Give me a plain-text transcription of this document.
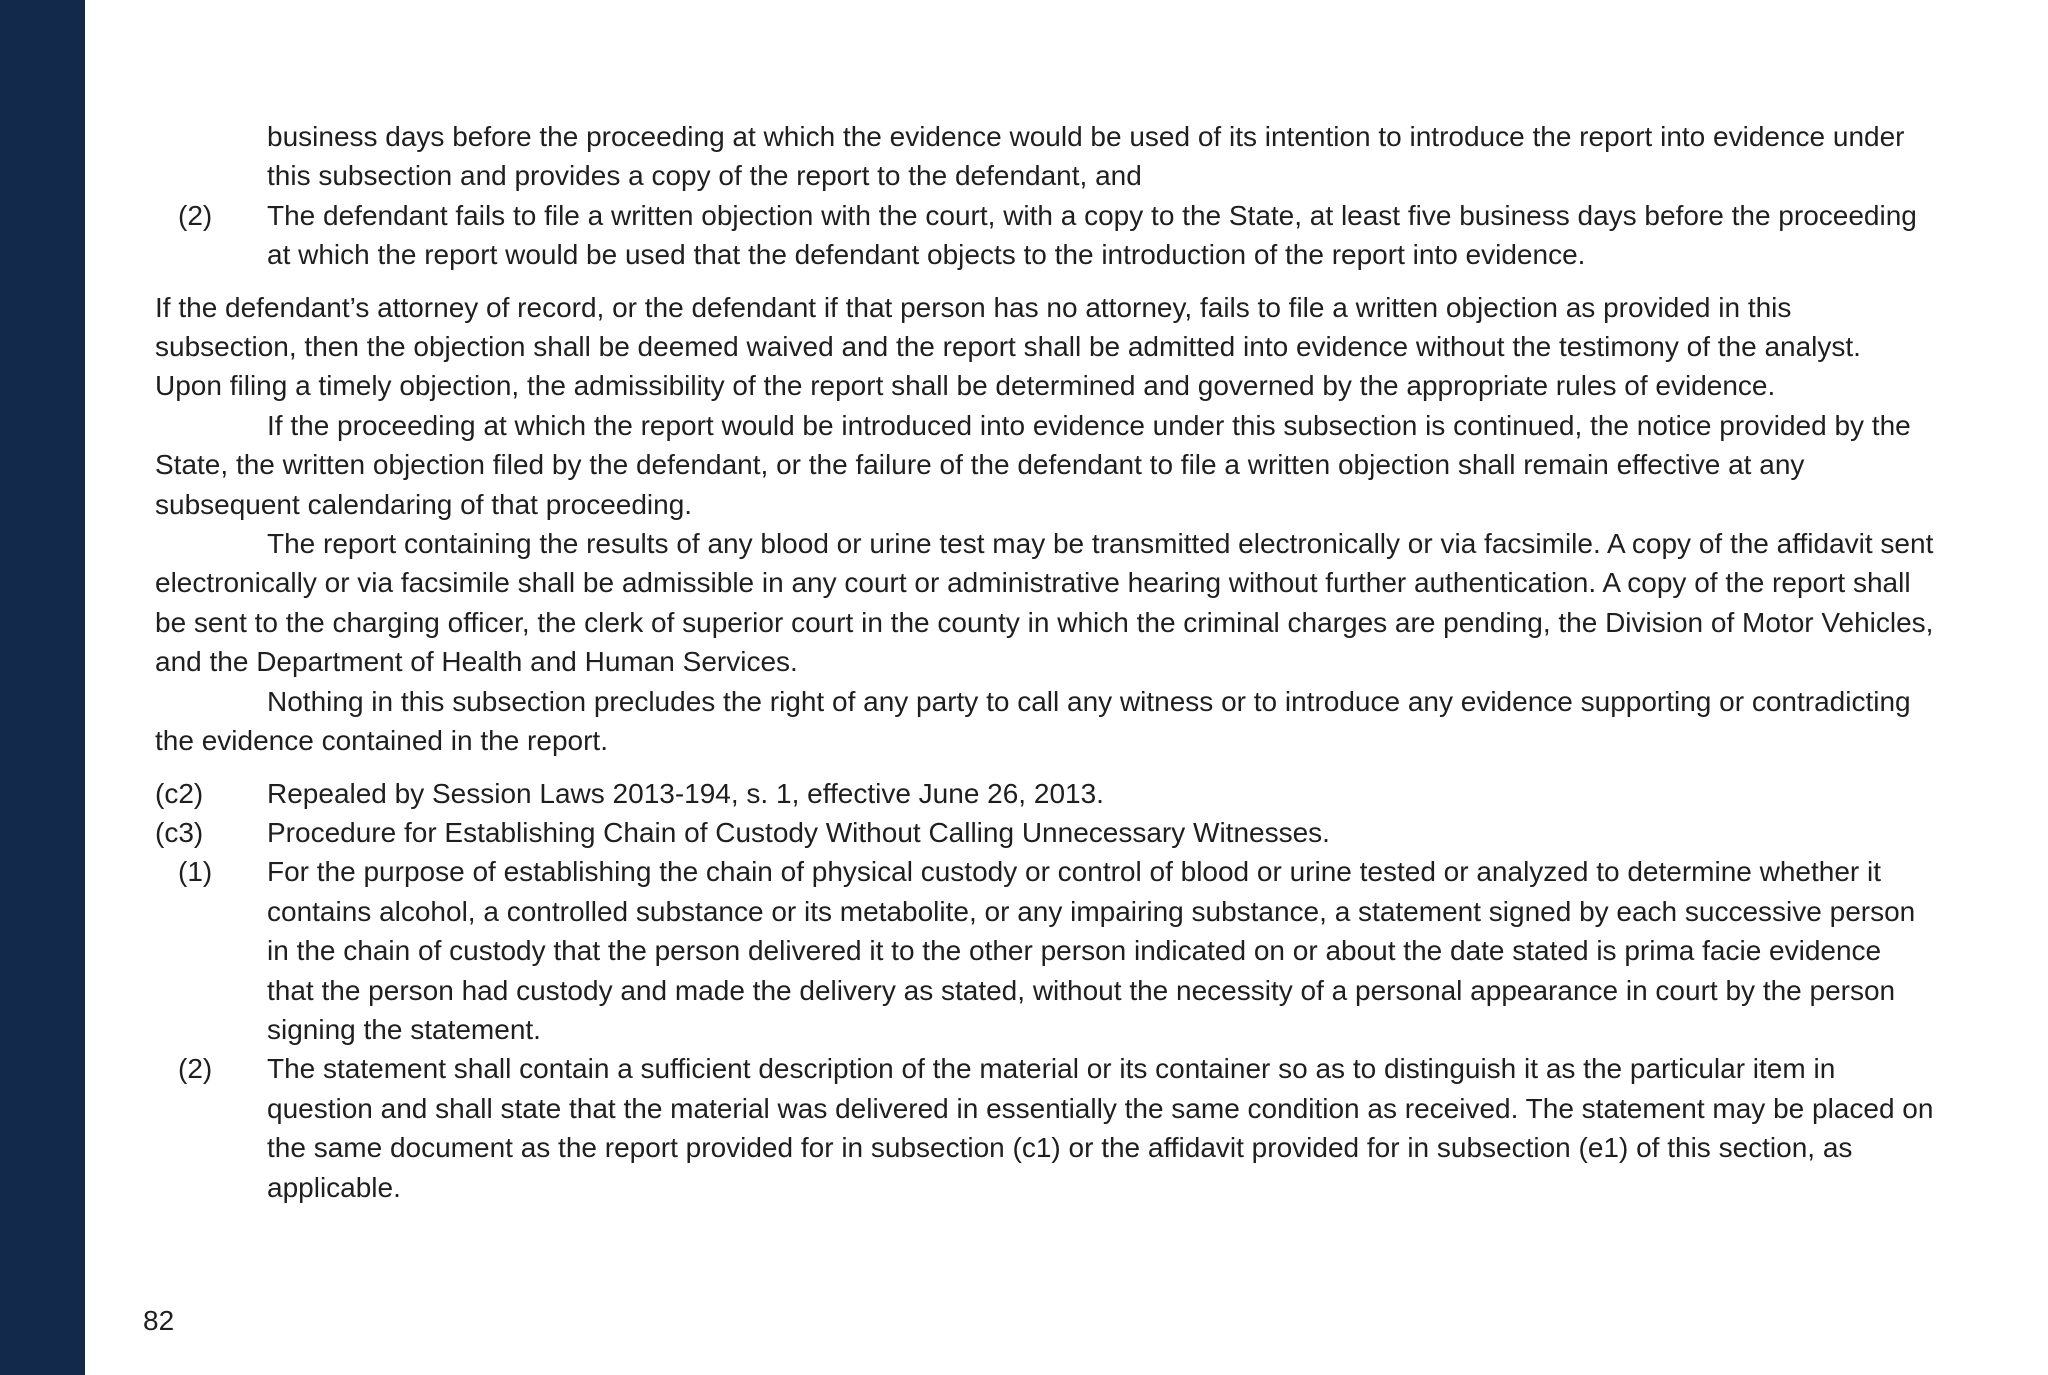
business days before the proceeding at which the evidence would be used of its intention to introduce the report into evidence under this subsection and provides a copy of the report to the defendant, and
(2)	The defendant fails to file a written objection with the court, with a copy to the State, at least five business days before the proceeding at which the report would be used that the defendant objects to the introduction of the report into evidence.

If the defendant’s attorney of record, or the defendant if that person has no attorney, fails to file a written objection as provided in this subsection, then the objection shall be deemed waived and the report shall be admitted into evidence without the testimony of the analyst. Upon filing a timely objection, the admissibility of the report shall be determined and governed by the appropriate rules of evidence.

If the proceeding at which the report would be introduced into evidence under this subsection is continued, the notice provided by the State, the written objection filed by the defendant, or the failure of the defendant to file a written objection shall remain effective at any subsequent calendaring of that proceeding.

The report containing the results of any blood or urine test may be transmitted electronically or via facsimile. A copy of the affidavit sent electronically or via facsimile shall be admissible in any court or administrative hearing without further authentication. A copy of the report shall be sent to the charging officer, the clerk of superior court in the county in which the criminal charges are pending, the Division of Motor Vehicles, and the Department of Health and Human Services.

Nothing in this subsection precludes the right of any party to call any witness or to introduce any evidence supporting or contradicting the evidence contained in the report.

(c2)	Repealed by Session Laws 2013-194, s. 1, effective June 26, 2013.
(c3)	Procedure for Establishing Chain of Custody Without Calling Unnecessary Witnesses.
(1)	For the purpose of establishing the chain of physical custody or control of blood or urine tested or analyzed to determine whether it contains alcohol, a controlled substance or its metabolite, or any impairing substance, a statement signed by each successive person in the chain of custody that the person delivered it to the other person indicated on or about the date stated is prima facie evidence that the person had custody and made the delivery as stated, without the necessity of a personal appearance in court by the person signing the statement.
(2)	The statement shall contain a sufficient description of the material or its container so as to distinguish it as the particular item in question and shall state that the material was delivered in essentially the same condition as received. The statement may be placed on the same document as the report provided for in subsection (c1) or the affidavit provided for in subsection (e1) of this section, as applicable.
82
